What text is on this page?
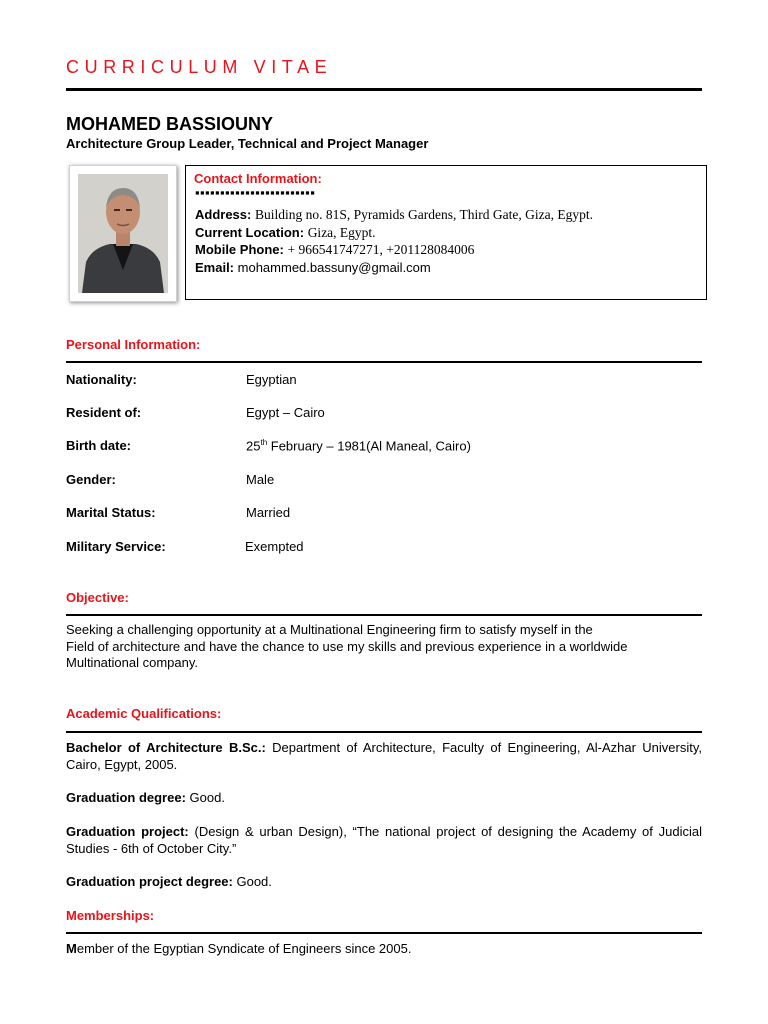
CURRICULUM VITAE
MOHAMED BASSIOUNY
Architecture Group Leader, Technical and Project Manager
Contact Information:
▪▪▪▪▪▪▪▪▪▪▪▪▪▪▪▪▪▪▪▪▪▪▪▪
Address: Building no. 81S, Pyramids Gardens, Third Gate, Giza, Egypt.
Current Location: Giza, Egypt.
Mobile Phone: + 966541747271, +201128084006
Email: mohammed.bassuny@gmail.com
Personal Information:
Nationality:	Egyptian
Resident of:	Egypt – Cairo
Birth date:	25th February – 1981(Al Maneal, Cairo)
Gender:	Male
Marital Status:	Married
Military Service:	Exempted
Objective:
Seeking a challenging opportunity at a Multinational Engineering firm to satisfy myself in the
Field of architecture and have the chance to use my skills and previous experience in a worldwide
Multinational company.
Academic Qualifications:
Bachelor of Architecture B.Sc.: Department of Architecture, Faculty of Engineering, Al-Azhar University, Cairo, Egypt, 2005.
Graduation degree: Good.
Graduation project: (Design & urban Design), “The national project of designing the Academy of Judicial Studies - 6th of October City.”
Graduation project degree: Good.
Memberships:
Member of the Egyptian Syndicate of Engineers since 2005.
